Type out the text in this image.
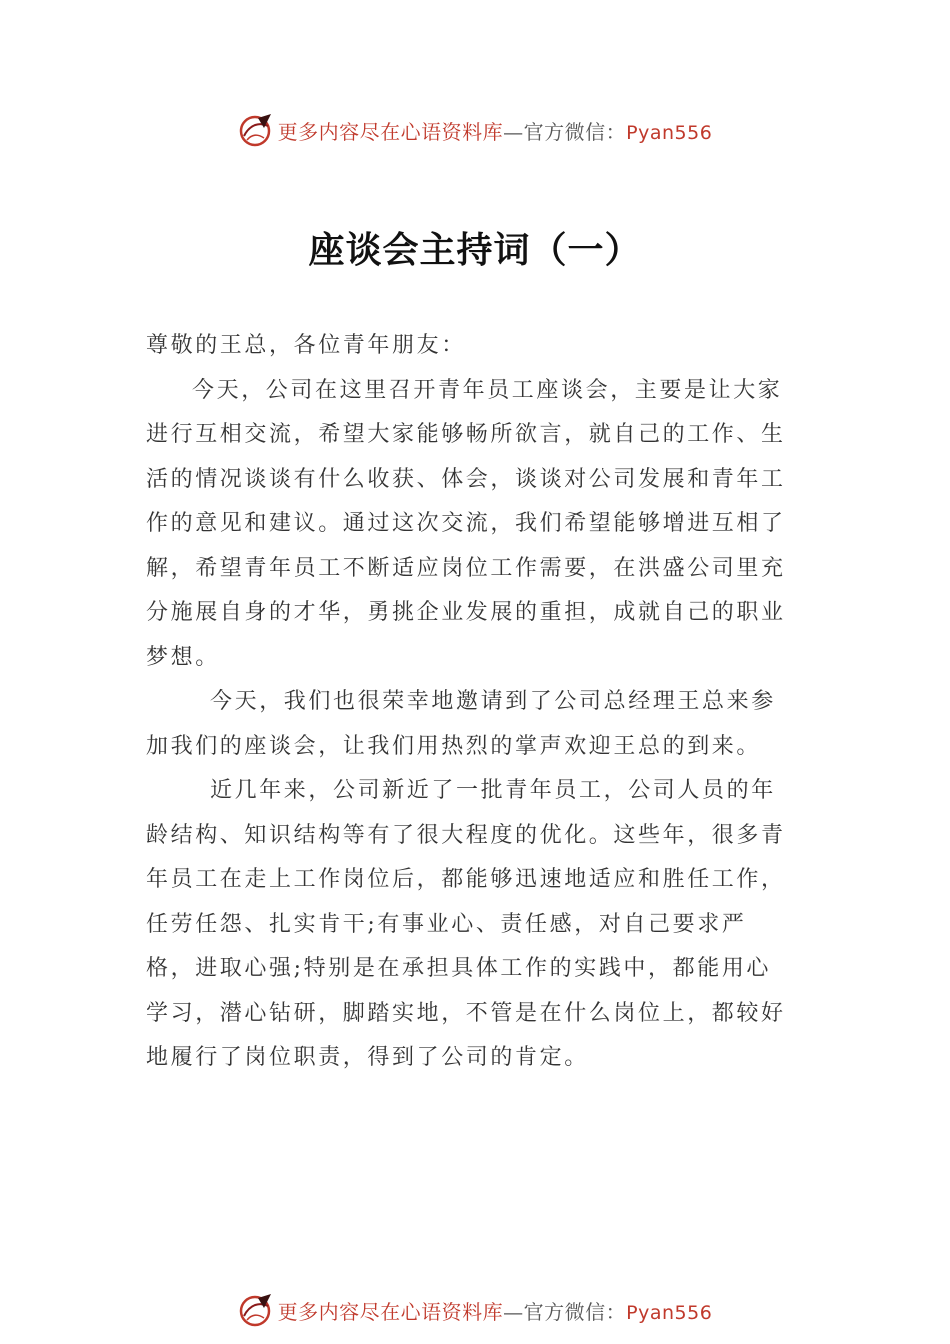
更多内容尽在心语资料库—官方微信：Pyan556
座谈会主持词（一）

尊敬的王总，各位青年朋友：

今天，公司在这里召开青年员工座谈会，主要是让大家进行互相交流，希望大家能够畅所欲言，就自己的工作、生活的情况谈谈有什么收获、体会，谈谈对公司发展和青年工作的意见和建议。通过这次交流，我们希望能够增进互相了解，希望青年员工不断适应岗位工作需要，在洪盛公司里充分施展自身的才华，勇挑企业发展的重担，成就自己的职业梦想。

今天，我们也很荣幸地邀请到了公司总经理王总来参加我们的座谈会，让我们用热烈的掌声欢迎王总的到来。

近几年来，公司新近了一批青年员工，公司人员的年龄结构、知识结构等有了很大程度的优化。这些年，很多青年员工在走上工作岗位后，都能够迅速地适应和胜任工作，任劳任怨、扎实肯干;有事业心、责任感，对自己要求严格，进取心强;特别是在承担具体工作的实践中，都能用心学习，潜心钻研，脚踏实地，不管是在什么岗位上，都较好地履行了岗位职责，得到了公司的肯定。

更多内容尽在心语资料库—官方微信：Pyan556
